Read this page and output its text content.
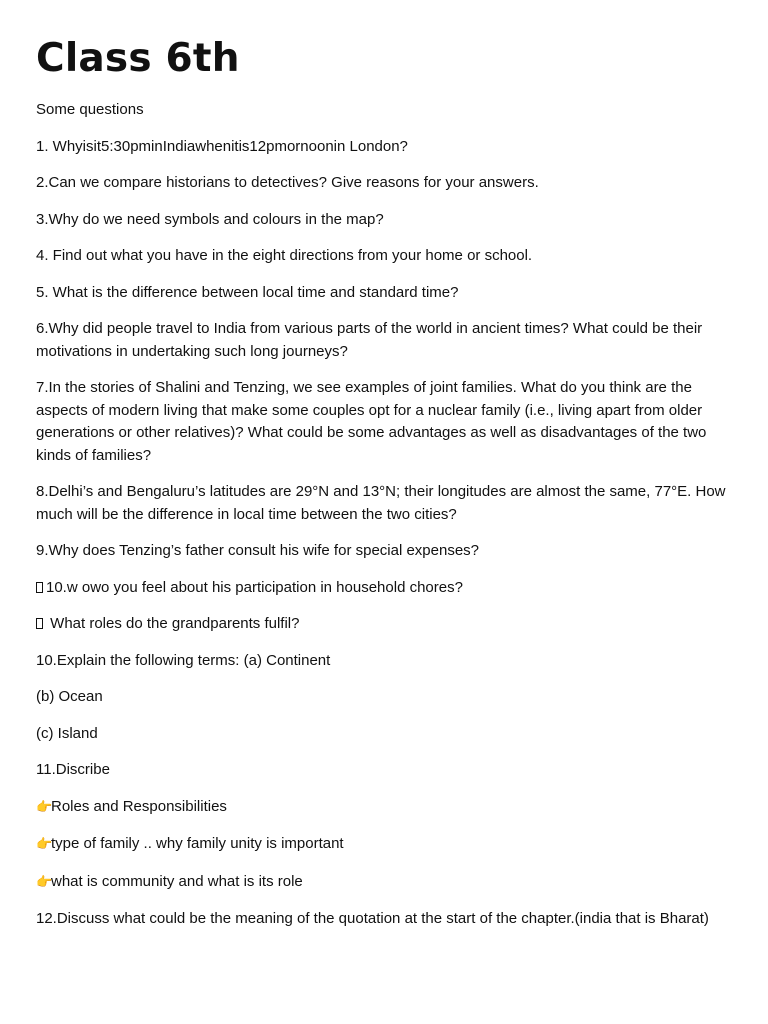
Class 6th

Some questions

1. Whyisit5:30pminIndiawhenitis12pmornoonin London?

2.Can we compare historians to detectives? Give reasons for your answers.

3.Why do we need symbols and colours in the map?

4. Find out what you have in the eight directions from your home or school.

5. What is the difference between local time and standard time?

6.Why did people travel to India from various parts of the world in ancient times? What could be their motivations in undertaking such long journeys?

7.In the stories of Shalini and Tenzing, we see examples of joint families. What do you think are the aspects of modern living that make some couples opt for a nuclear family (i.e., living apart from older generations or other relatives)? What could be some advantages as well as disadvantages of the two kinds of families?

8.Delhi’s and Bengaluru’s latitudes are 29°N and 13°N; their longitudes are almost the same, 77°E. How much will be the difference in local time between the two cities?

9.Why does Tenzing’s father consult his wife for special expenses?

10.w owo you feel about his participation in household chores?

What roles do the grandparents fulfil?

10.Explain the following terms: (a) Continent

(b) Ocean

(c) Island

11.Discribe

👉Roles and Responsibilities

👉type of family .. why family unity is important

👉what is community and what is its role

12.Discuss what could be the meaning of the quotation at the start of the chapter.(india that is Bharat)
